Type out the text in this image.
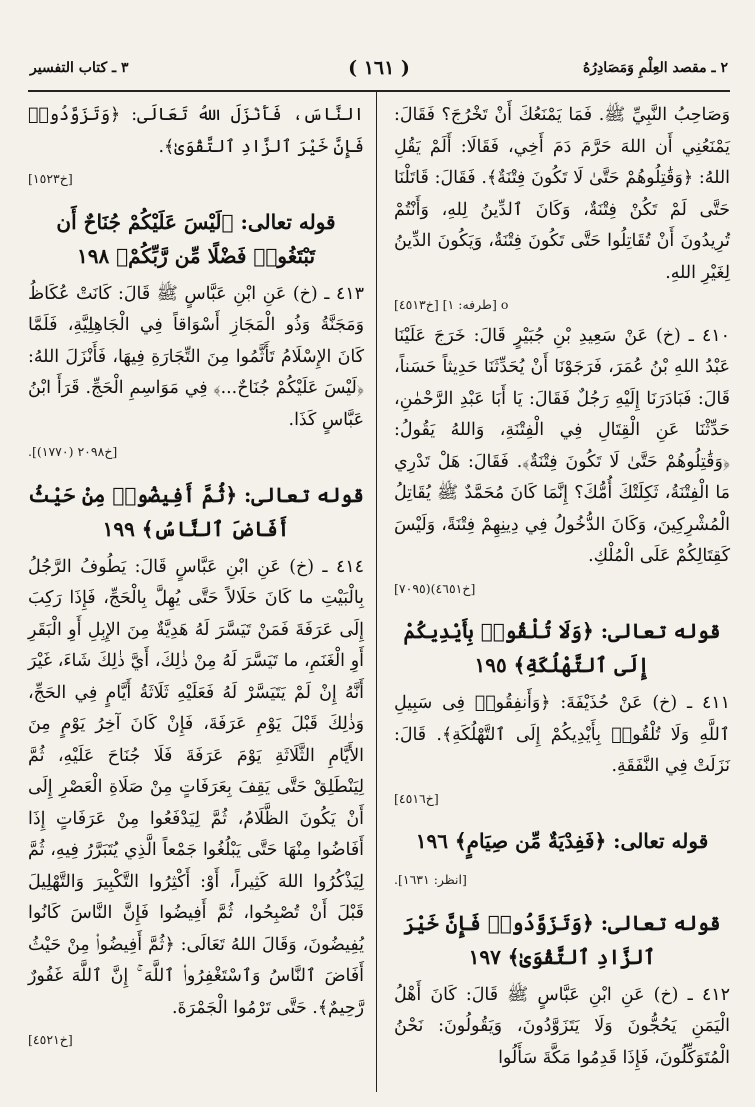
٢ ـ مقصد العِلْمِ وَمَصَادِرُهُ
( ١٦١ )
٣ ـ كتاب التفسير

وَصَاحِبُ النَّبِيِّ ﷺ. فَمَا يَمْنَعُكَ أَنْ تَخْرُجَ؟ فَقَالَ: يَمْنَعُنِي أَن اللهَ حَرَّمَ دَمَ أَخِي، فَقَالَا: أَلَمْ يَقُلِ اللهُ: ﴿وَقَٰتِلُوهُمْ حَتَّىٰ لَا تَكُونَ فِتْنَةٌ﴾. فَقَالَ: قَاتَلْنَا حَتَّى لَمْ تَكُنْ فِتْنَةٌ، وَكَانَ ٱلدِّينُ لِلهِ، وَأَنْتُمْ تُرِيدُونَ أَنْ تُقَاتِلُوا حَتَّى تَكُونَ فِتْنَةٌ، وَيَكُونَ الدِّينُ لِغَيْرِ اللهِ.

o [طرفه: ١] [خ٤٥١٣]

٤١٠ ـ (خ) عَنْ سَعِيدِ بْنِ جُبَيْرٍ قَالَ: خَرَجَ عَلَيْنَا عَبْدُ اللهِ بْنُ عُمَرَ، فَرَجَوْنَا أَنْ يُحَدِّثَنَا حَدِيثاً حَسَناً، قَالَ: فَبَادَرَنَا إِلَيْهِ رَجُلٌ فَقَالَ: يَا أَبَا عَبْدِ الرَّحْمٰنِ، حَدِّثْنَا عَنِ الْقِتَالِ فِي الْفِتْنَةِ، وَاللهُ يَقُولُ: ﴿وَقَٰتِلُوهُمْ حَتَّىٰ لَا تَكُونَ فِتْنَةٌ﴾. فَقَالَ: هَلْ تَدْرِي مَا الْفِتْنَةُ، ثَكِلَتْكَ أُمُّكَ؟ إِنَّمَا كَانَ مُحَمَّدٌ ﷺ يُقَاتِلُ الْمُشْرِكِينَ، وَكَانَ الدُّخُولُ فِي دِينِهِمْ فِتْنَةً، وَلَيْسَ كَقِتَالِكُمْ عَلَى الْمُلْكِ.

[خ٤٦٥١)(٧٠٩٥]
قوله تعالى: ﴿وَلَا تُلْقُوا۟ بِأَيْدِيكُمْ إِلَى ٱلتَّهْلُكَةِ﴾ ١٩٥

٤١١ ـ (خ) عَنْ حُذَيْفَةَ: ﴿وَأَنفِقُوا۟ فِى سَبِيلِ ٱللَّهِ وَلَا تُلْقُوا۟ بِأَيْدِيكُمْ إِلَى ٱلتَّهْلُكَةِ﴾. قَالَ: نَزَلَتْ فِي النَّفَقَةِ.

[خ٤٥١٦]
قوله تعالى: ﴿فَفِدْيَةٌ مِّن صِيَامٍ﴾ ١٩٦
[انظر: ١٦٣١].
قوله تعالى: ﴿وَتَزَوَّدُوا۟ فَإِنَّ خَيْرَ ٱلزَّادِ ٱلتَّقْوَىٰ﴾ ١٩٧

٤١٢ ـ (خ) عَنِ ابْنِ عَبَّاسٍ ﷺ قَالَ: كَانَ أَهْلُ الْيَمَنِ يَحُجُّونَ وَلَا يَتَزَوَّدُونَ، وَيَقُولُونَ: نَحْنُ الْمُتَوَكِّلُونَ، فَإِذَا قَدِمُوا مَكَّةَ سَأَلُوا

النَّاسَ، فَأَنْزَلَ اللهُ تَعَالَى: ﴿وَتَزَوَّدُوا۟ فَإِنَّ خَيْرَ ٱلزَّادِ ٱلتَّقْوَىٰ﴾.

[خ١٥٢٣]
قوله تعالى: ﴿لَيْسَ عَلَيْكُمْ جُنَاحٌ أَن تَبْتَغُوا۟ فَضْلًا مِّن رَّبِّكُمْ﴾ ١٩٨

٤١٣ ـ (خ) عَنِ ابْنِ عَبَّاسٍ ﷺ قَالَ: كَانَتْ عُكَاظُ وَمَجَنَّةُ وَذُو الْمَجَازِ أَسْوَاقاً فِي الْجَاهِلِيَّةِ، فَلَمَّا كَانَ الإِسْلَامُ تَأَثَّمُوا مِنَ التِّجَارَةِ فِيهَا، فَأَنْزَلَ اللهُ: ﴿لَيْسَ عَلَيْكُمْ جُنَاحٌ...﴾ فِي مَوَاسِمِ الْحَجِّ. قَرَأَ ابْنُ عَبَّاسٍ كَذَا.

[خ٢٠٩٨ (١٧٧٠)].
قوله تعالى: ﴿ثُمَّ أَفِيضُوا۟ مِنْ حَيْثُ أَفَاضَ ٱلنَّاسُ﴾ ١٩٩

٤١٤ ـ (خ) عَنِ ابْنِ عَبَّاسٍ قَالَ: يَطُوفُ الرَّجُلُ بِالْبَيْتِ ما كَانَ حَلَالاً حَتَّى يُهِلَّ بِالْحَجِّ، فَإِذَا رَكِبَ إِلَى عَرَفَةَ فَمَنْ تَيَسَّرَ لَهُ هَدِيَّةٌ مِنَ الإِبِلِ أَوِ الْبَقَرِ أَوِ الْغَنَمِ، ما تَيَسَّرَ لَهُ مِنْ ذٰلِكَ، أَيَّ ذٰلِكَ شَاءَ، غَيْرَ أَنَّهُ إِنْ لَمْ يَتَيَسَّرْ لَهُ فَعَلَيْهِ ثَلَاثَةُ أَيَّامٍ فِي الحَجِّ، وَذٰلِكَ قَبْلَ يَوْمِ عَرَفَةَ، فَإِنْ كَانَ آخِرُ يَوْمٍ مِنَ الأَيَّامِ الثَّلَاثَةِ يَوْمَ عَرَفَةَ فَلَا جُنَاحَ عَلَيْهِ، ثُمَّ لِيَنْطَلِقْ حَتَّى يَقِفَ بِعَرَفَاتٍ مِنْ صَلَاةِ الْعَصْرِ إِلَى أَنْ يَكُونَ الظَّلَامُ، ثُمَّ لِيَدْفَعُوا مِنْ عَرَفَاتٍ إِذَا أَفَاضُوا مِنْهَا حَتَّى يَبْلُغُوا جَمْعاً الَّذِي يُتَبَرَّرُ فِيهِ، ثُمَّ لِيَذْكُرُوا اللهَ كَثِيراً، أَوْ: أَكْثِرُوا التَّكْبِيرَ وَالتَّهْلِيلَ قَبْلَ أَنْ تُصْبِحُوا، ثُمَّ أَفِيضُوا فَإِنَّ النَّاسَ كَانُوا يُفِيضُونَ، وَقَالَ اللهُ تَعَالَى: ﴿ثُمَّ أَفِيضُوا۟ مِنْ حَيْثُ أَفَاضَ ٱلنَّاسُ وَٱسْتَغْفِرُوا۟ ٱللَّهَ ۚ إِنَّ ٱللَّهَ غَفُورٌ رَّحِيمٌ﴾. حَتَّى تَرْمُوا الْجَمْرَةَ.

[خ٤٥٢١]
